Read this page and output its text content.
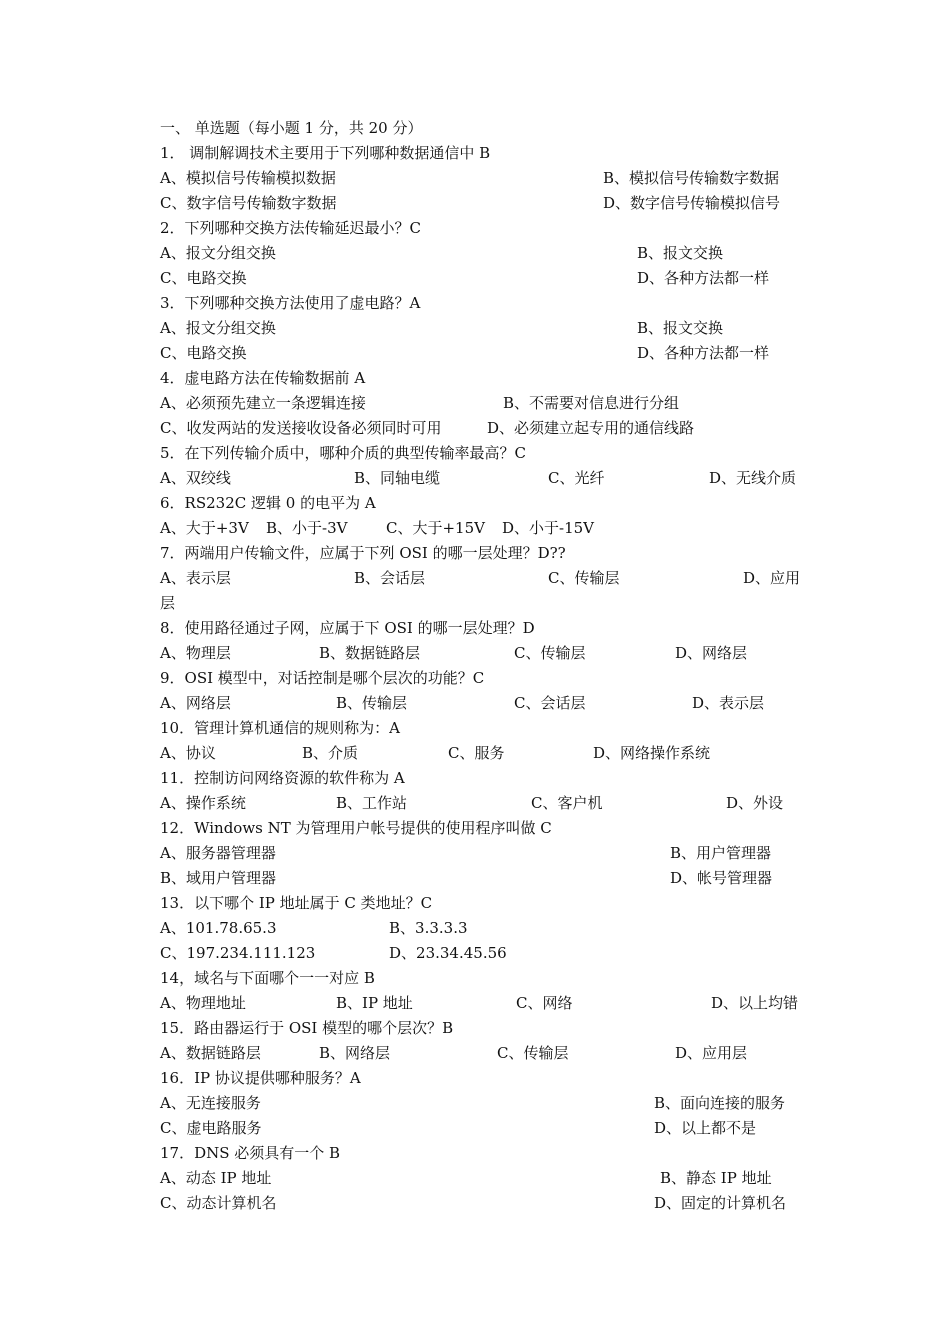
一、 单选题（每小题 1 分，共 20 分）
1． 调制解调技术主要用于下列哪种数据通信中 B
A、模拟信号传输模拟数据	B、模拟信号传输数字数据
C、数字信号传输数字数据	D、数字信号传输模拟信号
2．下列哪种交换方法传输延迟最小？C
A、报文分组交换	B、报文交换
C、电路交换	D、各种方法都一样
3．下列哪种交换方法使用了虚电路？A
A、报文分组交换	B、报文交换
C、电路交换	D、各种方法都一样
4．虚电路方法在传输数据前 A
A、必须预先建立一条逻辑连接	B、不需要对信息进行分组
C、收发两站的发送接收设备必须同时可用	D、必须建立起专用的通信线路
5．在下列传输介质中，哪种介质的典型传输率最高？C
A、双绞线	B、同轴电缆	C、光纤	D、无线介质
6．RS232C 逻辑 0 的电平为 A
A、大于+3V B、小于-3V	C、大于+15V D、小于-15V
7．两端用户传输文件，应属于下列 OSI 的哪一层处理？D??
A、表示层	B、会话层	C、传输层	D、应用
层
8．使用路径通过子网，应属于下 OSI 的哪一层处理？D
A、物理层	B、数据链路层	C、传输层	D、网络层
9．OSI 模型中，对话控制是哪个层次的功能？C
A、网络层	B、传输层	C、会话层	D、表示层
10．管理计算机通信的规则称为：A
A、协议	B、介质	C、服务	D、网络操作系统
11．控制访问网络资源的软件称为 A
A、操作系统	B、工作站	C、客户机	D、外设
12．Windows NT 为管理用户帐号提供的使用程序叫做 C
A、服务器管理器	B、用户管理器
B、域用户管理器	D、帐号管理器
13．以下哪个 IP 地址属于 C 类地址？C
A、101.78.65.3	B、3.3.3.3
C、197.234.111.123	D、23.34.45.56
14，域名与下面哪个一一对应 B
A、物理地址	B、IP 地址	C、网络	D、以上均错
15．路由器运行于 OSI 模型的哪个层次？B
A、数据链路层	B、网络层	C、传输层	D、应用层
16．IP 协议提供哪种服务？A
A、无连接服务	B、面向连接的服务
C、虚电路服务	D、以上都不是
17．DNS 必须具有一个 B
A、动态 IP 地址	B、静态 IP 地址
C、动态计算机名	D、固定的计算机名
